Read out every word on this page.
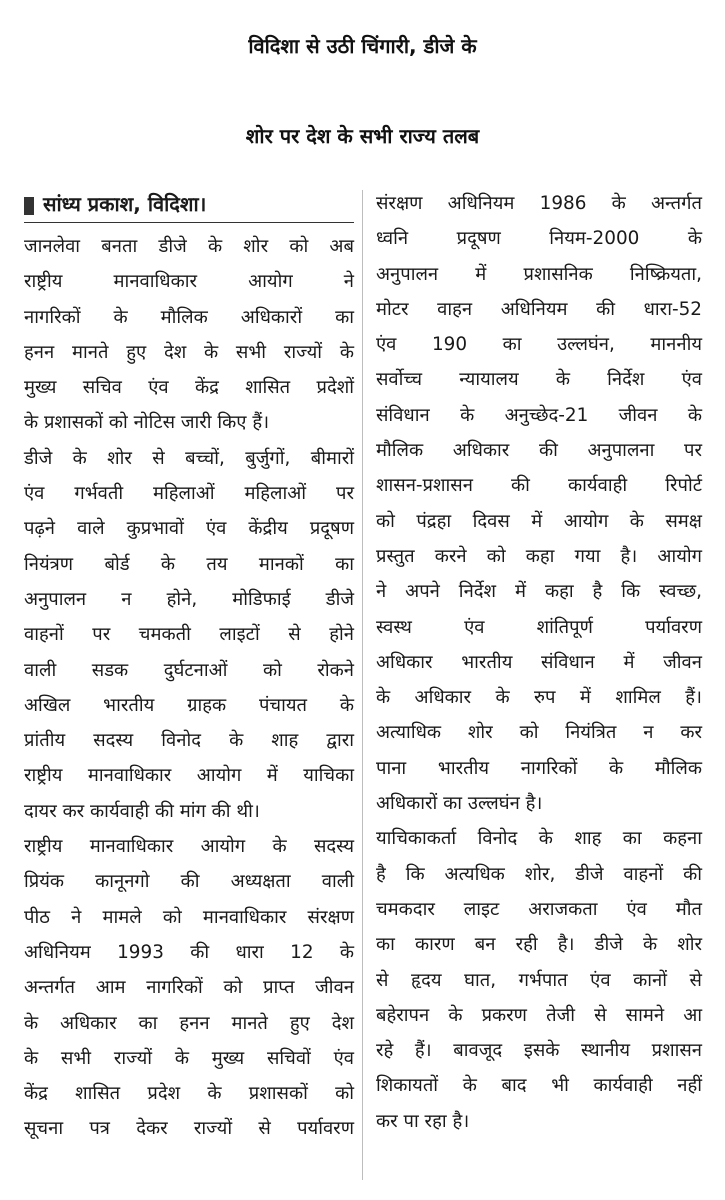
विदिशा से उठी चिंगारी, डीजे के
शोर पर देश के सभी राज्य तलब
सांध्य प्रकाश, विदिशा।
जानलेवा बनता डीजे के शोर को अब
राष्ट्रीय मानवाधिकार आयोग ने
नागरिकों के मौलिक अधिकारों का
हनन मानते हुए देश के सभी राज्यों के
मुख्य सचिव एंव केंद्र शासित प्रदेशों
के प्रशासकों को नोटिस जारी किए हैं।
डीजे के शोर से बच्चों, बुर्जुगों, बीमारों
एंव गर्भवती महिलाओं महिलाओं पर
पढ़ने वाले कुप्रभावों एंव केंद्रीय प्रदूषण
नियंत्रण बोर्ड के तय मानकों का
अनुपालन न होने, मोडिफाई डीजे
वाहनों पर चमकती लाइटों से होने
वाली सडक दुर्घटनाओं को रोकने
अखिल भारतीय ग्राहक पंचायत के
प्रांतीय सदस्य विनोद के शाह द्वारा
राष्ट्रीय मानवाधिकार आयोग में याचिका
दायर कर कार्यवाही की मांग की थी।
राष्ट्रीय मानवाधिकार आयोग के सदस्य
प्रियंक कानूनगो की अध्यक्षता वाली
पीठ ने मामले को मानवाधिकार संरक्षण
अधिनियम 1993 की धारा 12 के
अन्तर्गत आम नागरिकों को प्राप्त जीवन
के अधिकार का हनन मानते हुए देश
के सभी राज्यों के मुख्य सचिवों एंव
केंद्र शासित प्रदेश के प्रशासकों को
सूचना पत्र देकर राज्यों से पर्यावरण
संरक्षण अधिनियम 1986 के अन्तर्गत
ध्वनि प्रदूषण नियम-2000 के
अनुपालन में प्रशासनिक निष्क्रियता,
मोटर वाहन अधिनियम की धारा-52
एंव 190 का उल्लघंन, माननीय
सर्वोच्च न्यायालय के निर्देश एंव
संविधान के अनुच्छेद-21 जीवन के
मौलिक अधिकार की अनुपालना पर
शासन-प्रशासन की कार्यवाही रिपोर्ट
को पंद्रहा दिवस में आयोग के समक्ष
प्रस्तुत करने को कहा गया है। आयोग
ने अपने निर्देश में कहा है कि स्वच्छ,
स्वस्थ एंव शांतिपूर्ण पर्यावरण
अधिकार भारतीय संविधान में जीवन
के अधिकार के रुप में शामिल हैं।
अत्याधिक शोर को नियंत्रित न कर
पाना भारतीय नागरिकों के मौलिक
अधिकारों का उल्लघंन है।
याचिकाकर्ता विनोद के शाह का कहना
है कि अत्यधिक शोर, डीजे वाहनों की
चमकदार लाइट अराजकता एंव मौत
का कारण बन रही है। डीजे के शोर
से हृदय घात, गर्भपात एंव कानों से
बहेरापन के प्रकरण तेजी से सामने आ
रहे हैं। बावजूद इसके स्थानीय प्रशासन
शिकायतों के बाद भी कार्यवाही नहीं
कर पा रहा है।
